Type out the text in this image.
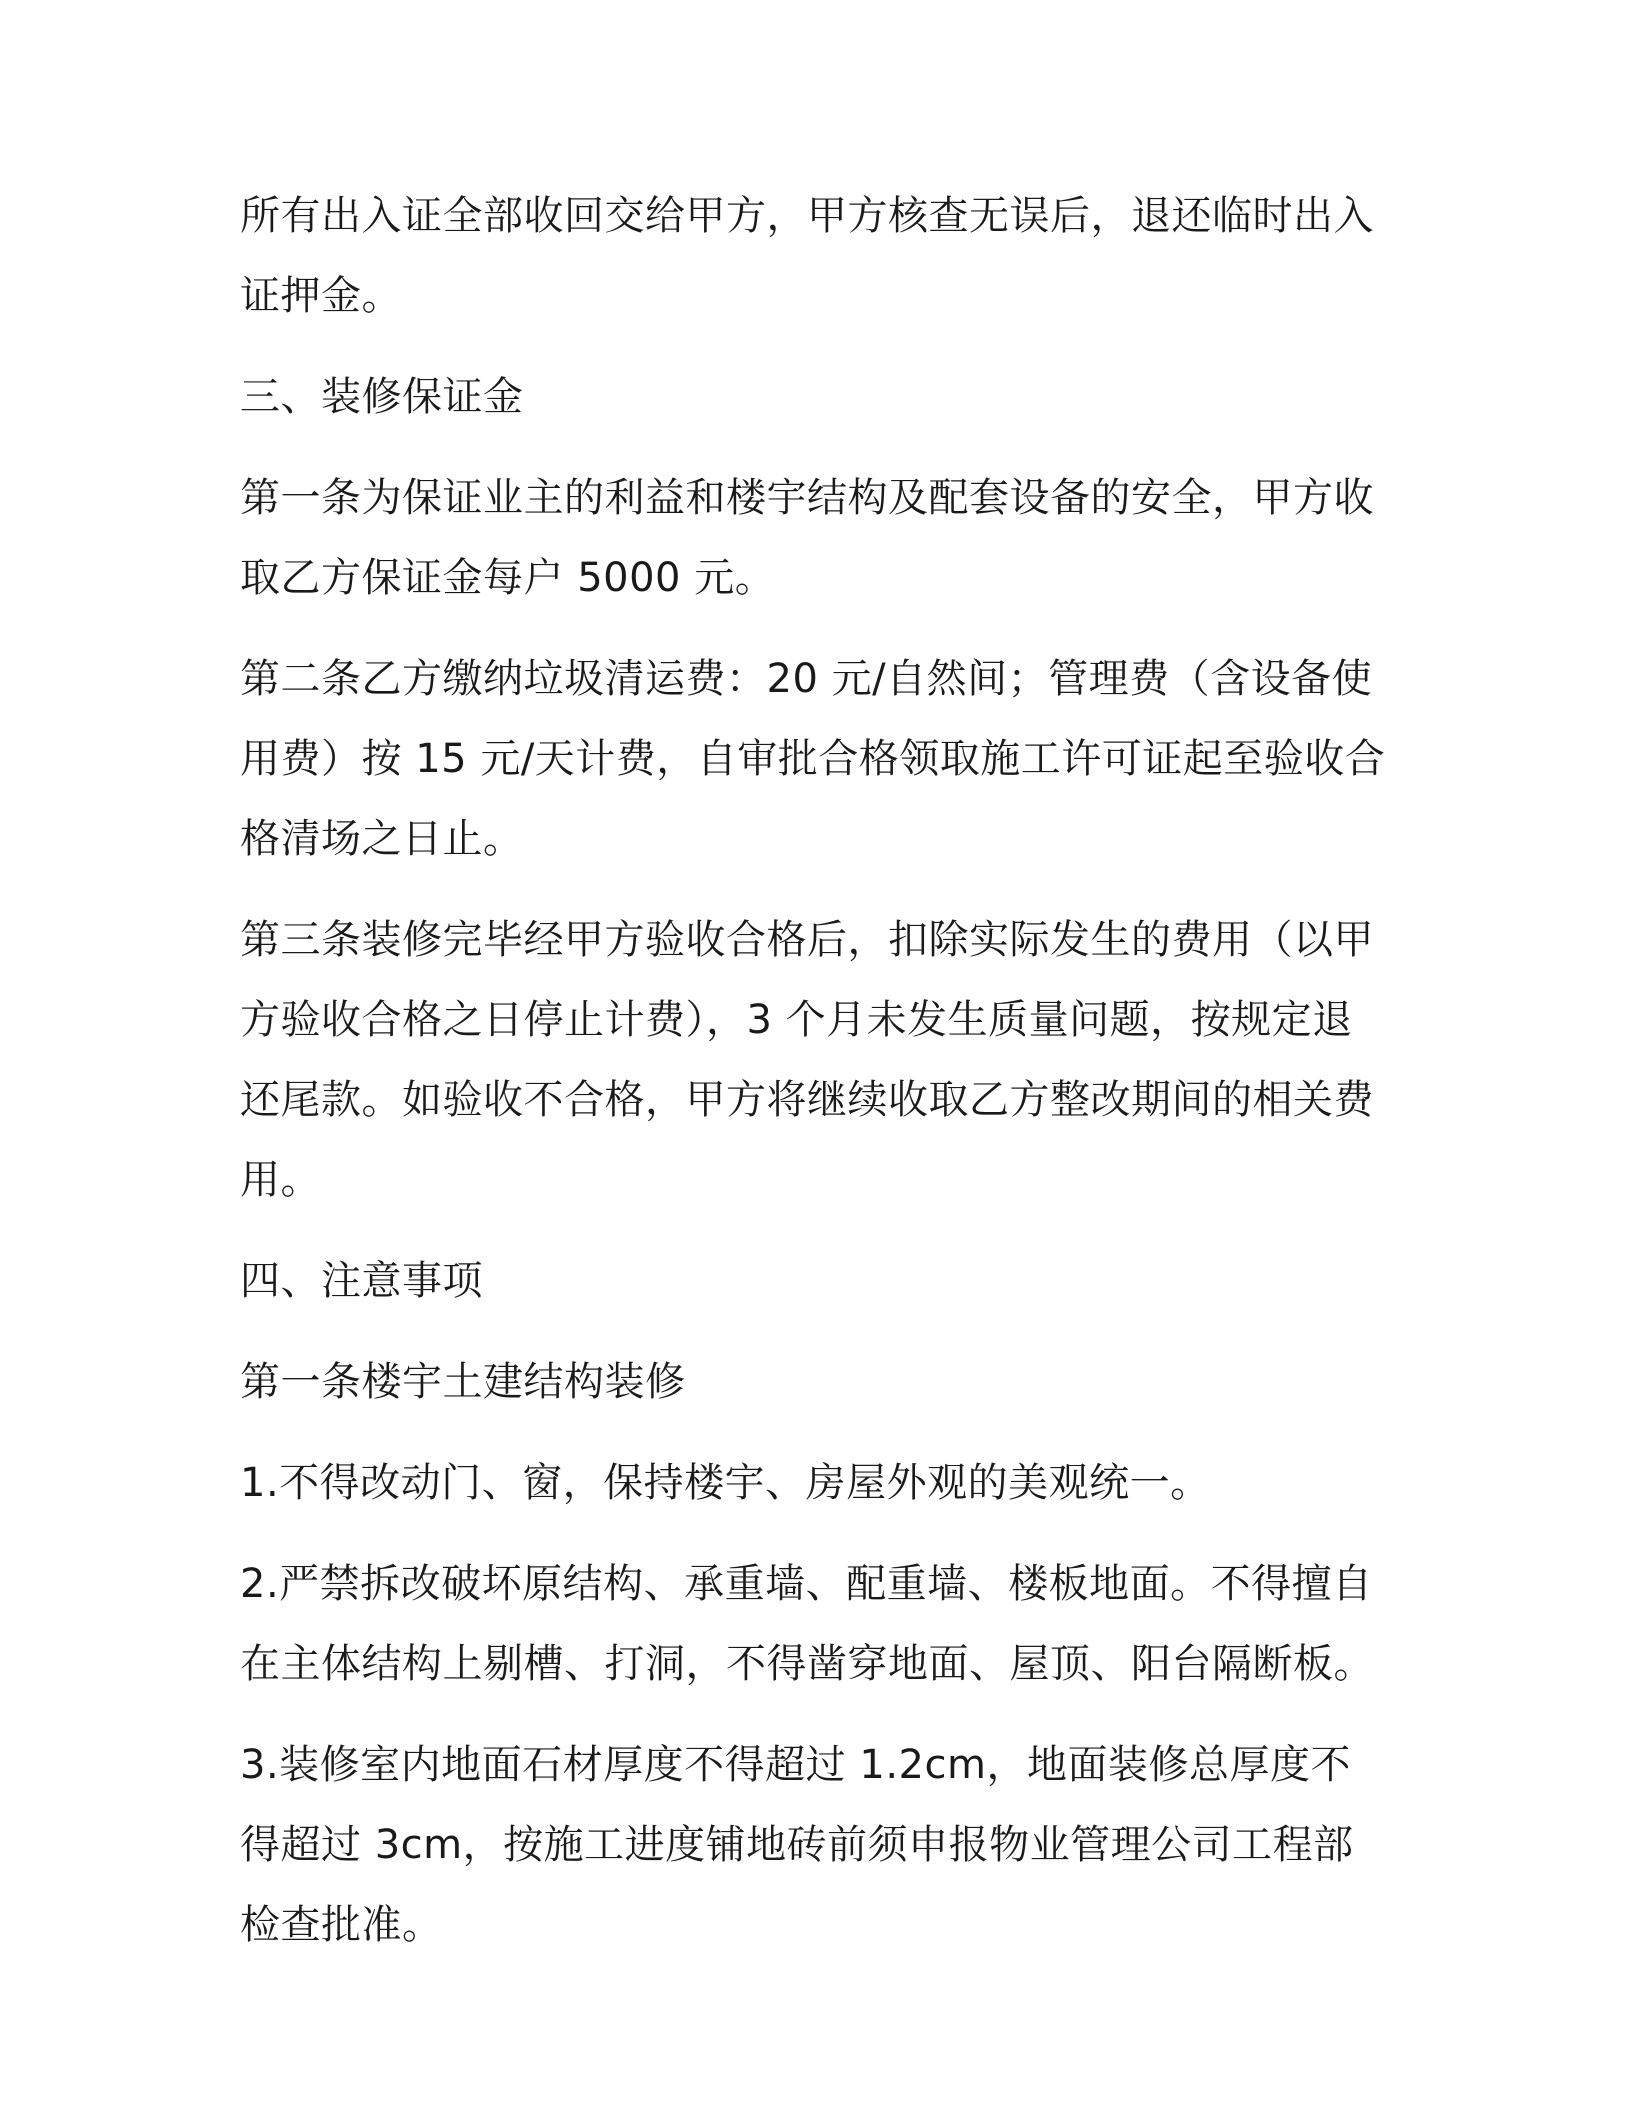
所有出入证全部收回交给甲方，甲方核查无误后，退还临时出入证押金。

三、装修保证金

第一条为保证业主的利益和楼宇结构及配套设备的安全，甲方收取乙方保证金每户 5000 元。

第二条乙方缴纳垃圾清运费：20 元/自然间；管理费（含设备使用费）按 15 元/天计费，自审批合格领取施工许可证起至验收合格清场之日止。

第三条装修完毕经甲方验收合格后，扣除实际发生的费用（以甲方验收合格之日停止计费），3 个月未发生质量问题，按规定退还尾款。如验收不合格，甲方将继续收取乙方整改期间的相关费用。

四、注意事项

第一条楼宇土建结构装修

1.不得改动门、窗，保持楼宇、房屋外观的美观统一。

2.严禁拆改破坏原结构、承重墙、配重墙、楼板地面。不得擅自在主体结构上剔槽、打洞，不得凿穿地面、屋顶、阳台隔断板。

3.装修室内地面石材厚度不得超过 1.2cm，地面装修总厚度不得超过 3cm，按施工进度铺地砖前须申报物业管理公司工程部检查批准。
